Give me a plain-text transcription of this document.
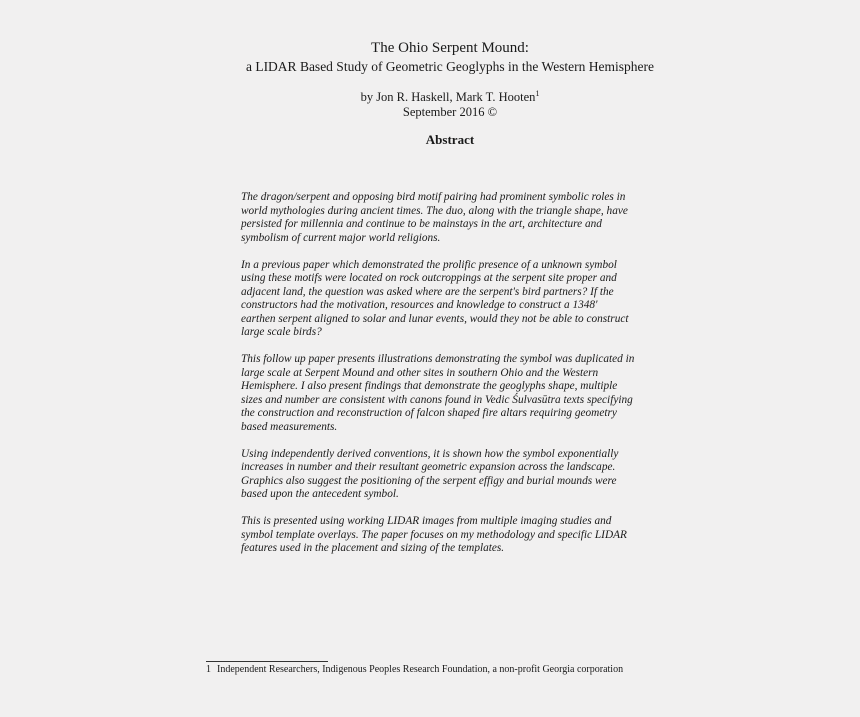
The Ohio Serpent Mound:
a LIDAR Based Study of Geometric Geoglyphs in the Western Hemisphere
by Jon R. Haskell, Mark T. Hooten$^1$
September 2016 ©
Abstract

The dragon/serpent and opposing bird motif pairing had prominent symbolic roles in
world mythologies during ancient times. The duo, along with the triangle shape, have
persisted for millennia and continue to be mainstays in the art, architecture and
symbolism of current major world religions.

In a previous paper which demonstrated the prolific presence of a unknown symbol
using these motifs were located on rock outcroppings at the serpent site proper and
adjacent land, the question was asked where are the serpent's bird partners? If the
constructors had the motivation, resources and knowledge to construct a 1348'
earthen serpent aligned to solar and lunar events, would they not be able to construct
large scale birds?

This follow up paper presents illustrations demonstrating the symbol was duplicated in
large scale at Serpent Mound and other sites in southern Ohio and the Western
Hemisphere. I also present findings that demonstrate the geoglyphs shape, multiple
sizes and number are consistent with canons found in Vedic Śulvasūtra texts specifying
the construction and reconstruction of falcon shaped fire altars requiring geometry
based measurements.

Using independently derived conventions, it is shown how the symbol exponentially
increases in number and their resultant geometric expansion across the landscape.
Graphics also suggest the positioning of the serpent effigy and burial mounds were
based upon the antecedent symbol.

This is presented using working LIDAR images from multiple imaging studies and
symbol template overlays. The paper focuses on my methodology and specific LIDAR
features used in the placement and sizing of the templates.

1 Independent Researchers, Indigenous Peoples Research Foundation, a non-profit Georgia corporation
